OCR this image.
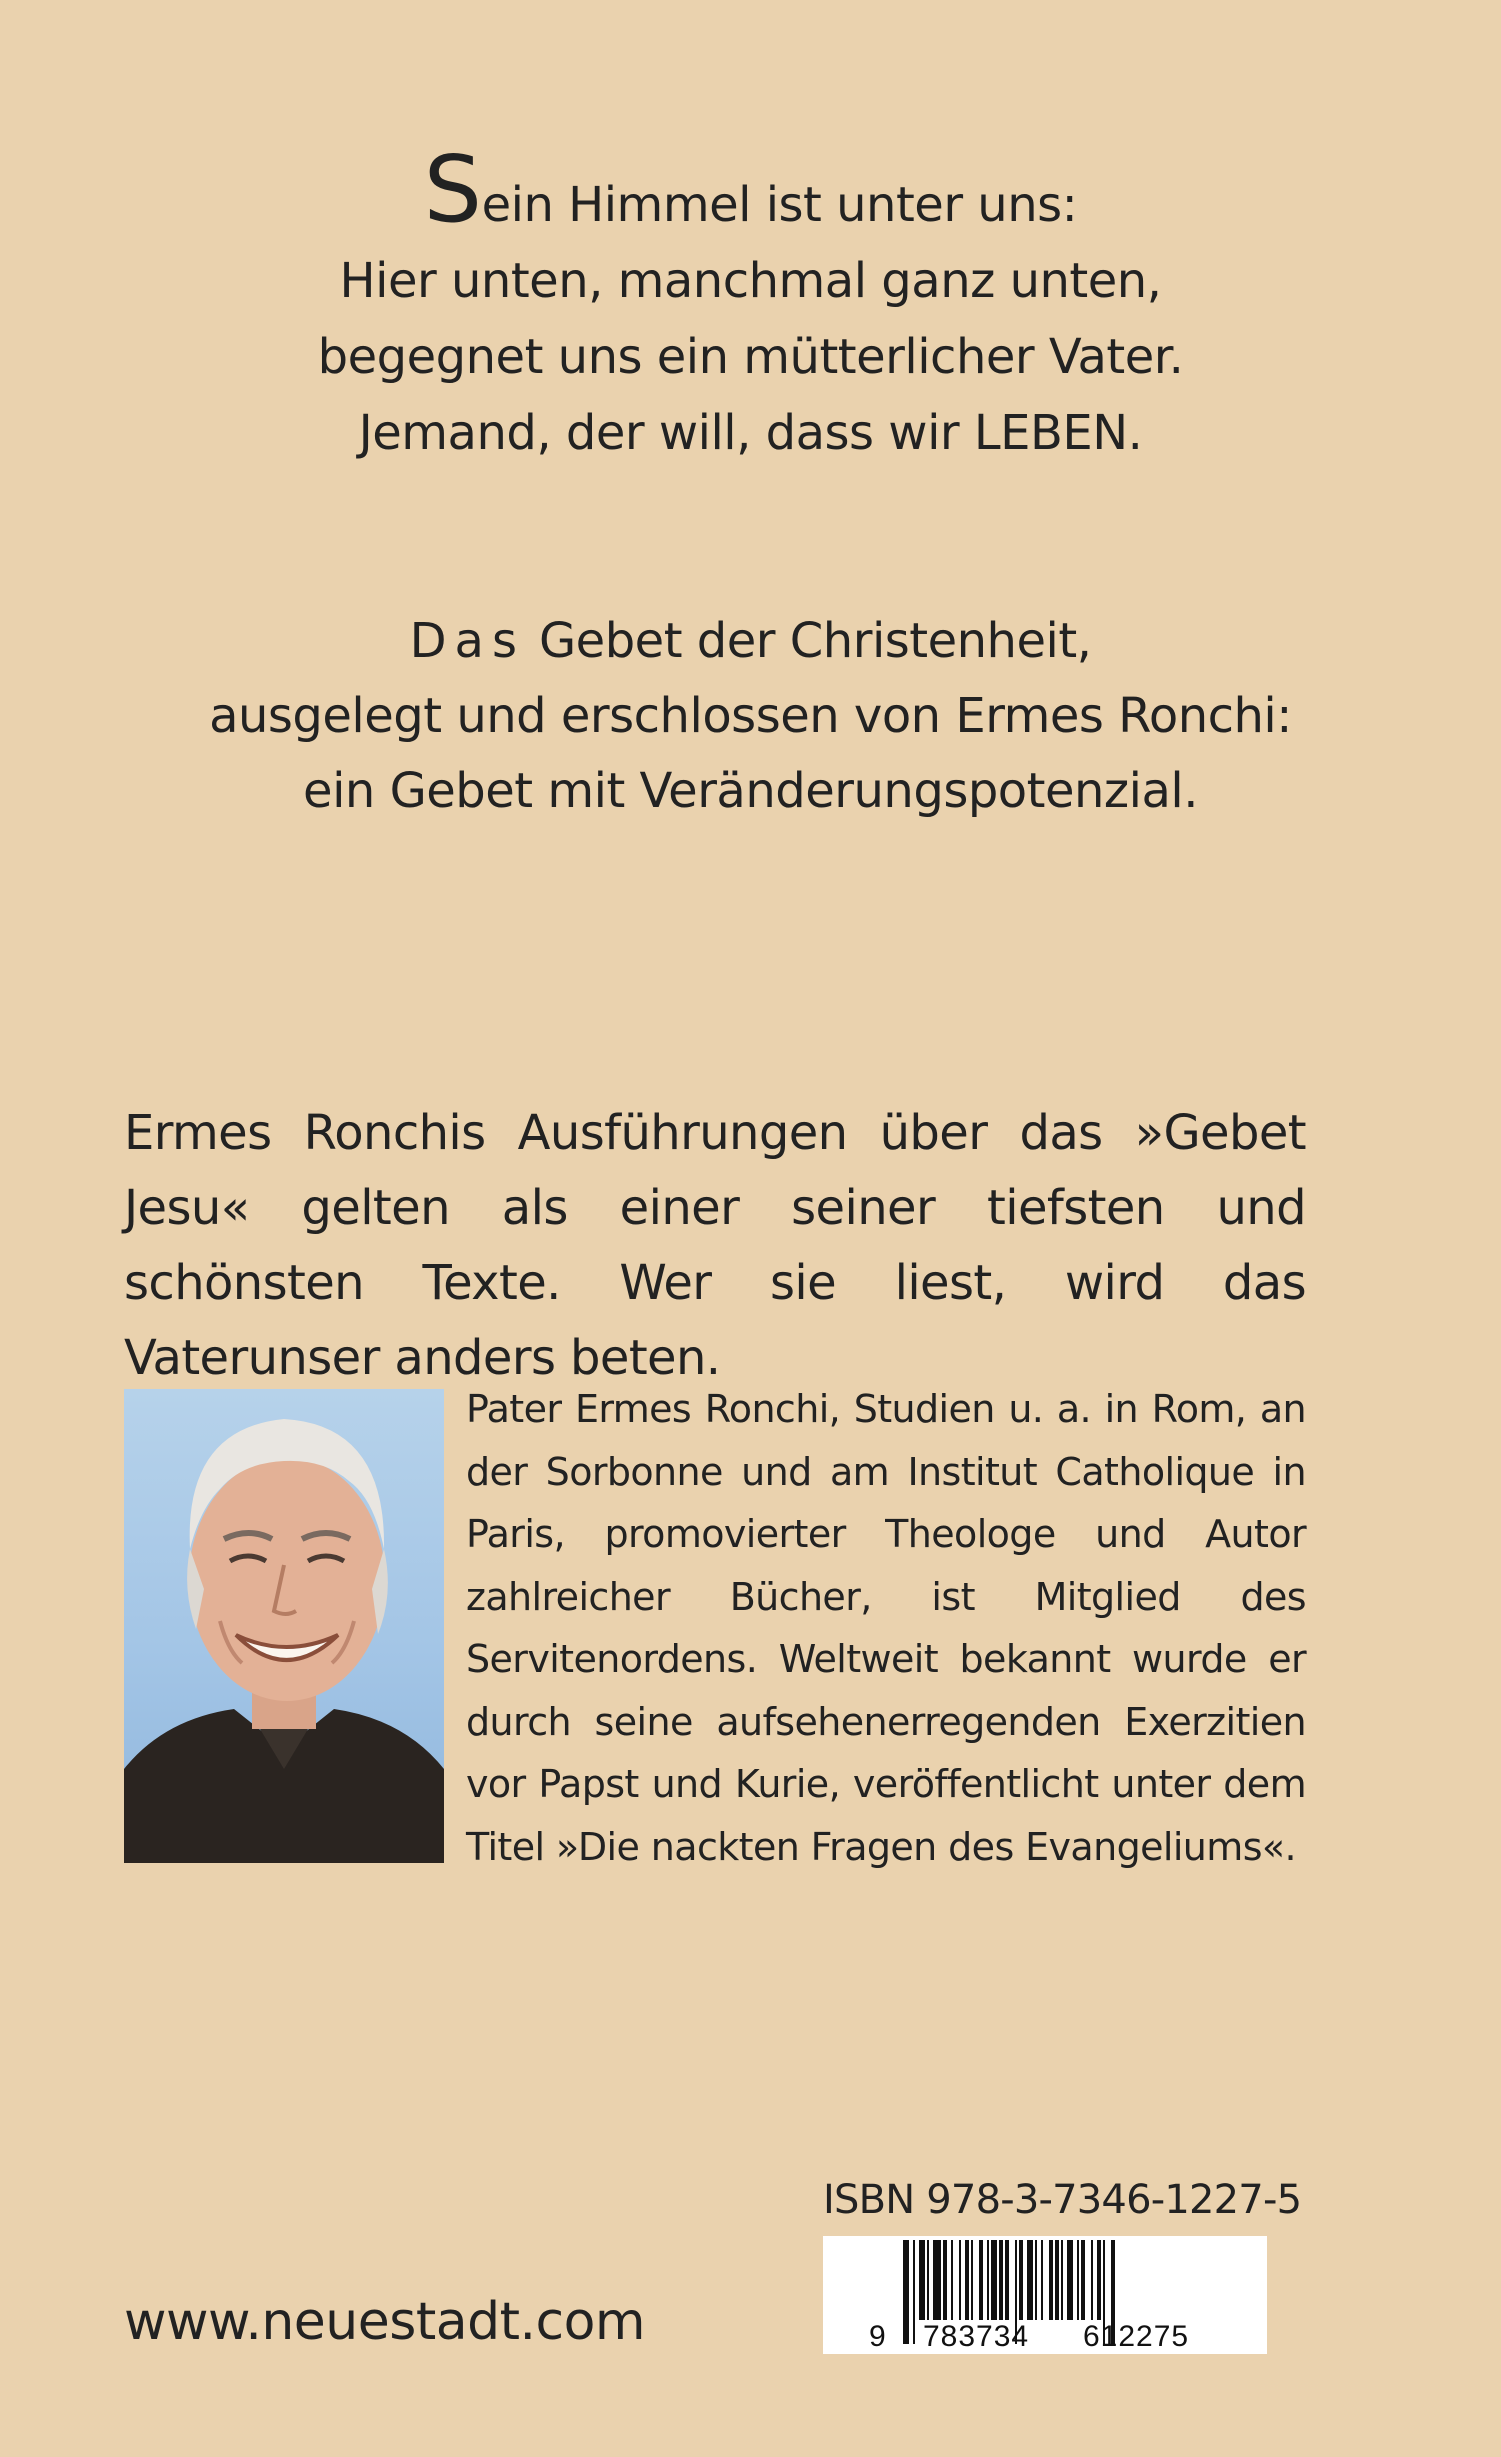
Sein Himmel ist unter uns:
Hier unten, manchmal ganz unten,
begegnet uns ein mütterlicher Vater.
Jemand, der will, dass wir LEBEN.
Das Gebet der Christenheit,
ausgelegt und erschlossen von Ermes Ronchi:
ein Gebet mit Veränderungspotenzial.

Ermes Ronchis Ausführungen über das »Gebet Jesu« gelten als einer seiner tiefsten und schönsten Texte. Wer sie liest, wird das Vaterunser anders beten.

Pater Ermes Ronchi, Studien u. a. in Rom, an der Sorbonne und am Institut Catholique in Paris, promovierter Theologe und Autor zahlreicher Bücher, ist Mitglied des Servitenordens. Weltweit bekannt wurde er durch seine aufsehenerregenden Exerzitien vor Papst und Kurie, veröffentlicht unter dem Titel »Die nackten Fragen des Evangeliums«.

ISBN 978-3-7346-1227-5
9 783734 612275
www.neuestadt.com
